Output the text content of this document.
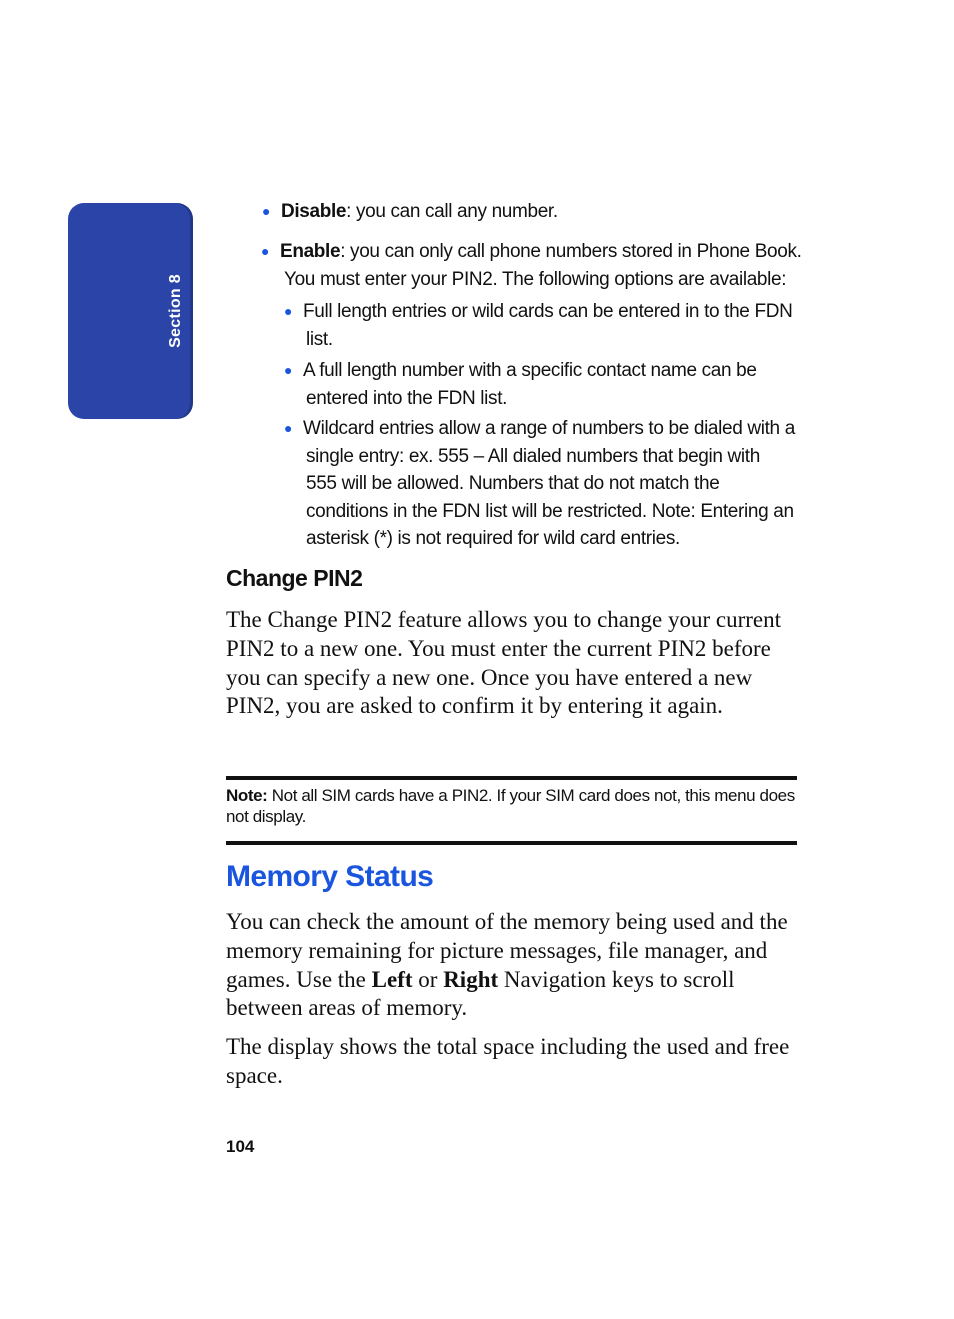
Section 8
● Disable: you can call any number.
● Enable: you can only call phone numbers stored in Phone Book.
You must enter your PIN2. The following options are available:
● Full length entries or wild cards can be entered in to the FDN
list.
● A full length number with a specific contact name can be
entered into the FDN list.
● Wildcard entries allow a range of numbers to be dialed with a
single entry: ex. 555 – All dialed numbers that begin with
555 will be allowed. Numbers that do not match the
conditions in the FDN list will be restricted. Note: Entering an
asterisk (*) is not required for wild card entries.
Change PIN2
The Change PIN2 feature allows you to change your current PIN2 to a new one. You must enter the current PIN2 before you can specify a new one. Once you have entered a new PIN2, you are asked to confirm it by entering it again.
Note: Not all SIM cards have a PIN2. If your SIM card does not, this menu does not display.
Memory Status
You can check the amount of the memory being used and the memory remaining for picture messages, file manager, and games. Use the Left or Right Navigation keys to scroll between areas of memory.
The display shows the total space including the used and free space.
104
